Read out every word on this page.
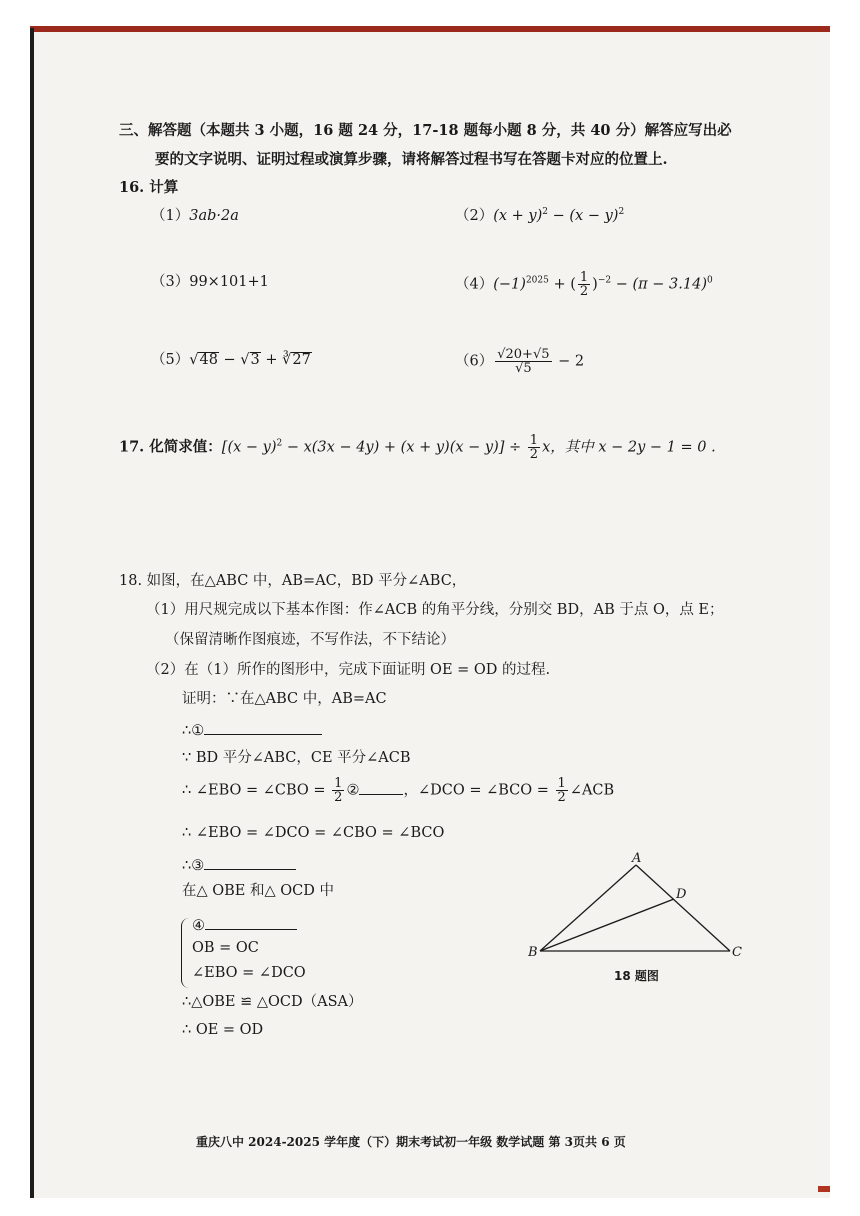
三、解答题（本题共 3 小题，16 题 24 分，17-18 题每小题 8 分，共 40 分）解答应写出必
要的文字说明、证明过程或演算步骤，请将解答过程书写在答题卡对应的位置上.
16. 计算
（1）3ab·2a	$(2)(x + y)^2 - (x - y)^2$
（3）99×101+1	$(4)(-1)^{2025}$ + ( $\frac{1}{2} )^{-2} - (\pi - 3.14)^0$
（5）√48 − √3 + ∛27	$(6) \frac{√20+√5}{√5} - 2$
17. 化简求值：$[(x - y)^2 - x(3x - 4y) + (x + y)(x - y)] \div \frac{1}{2}$ x，其中 x − 2y − 1 = 0 .
18. 如图，在△ABC 中，AB=AC，BD 平分∠ABC，
（1）用尺规完成以下基本作图：作∠ACB 的角平分线，分别交 BD，AB 于点 O，点 E；
（保留清晰作图痕迹，不写作法，不下结论）
（2）在（1）所作的图形中，完成下面证明 OE = OD 的过程.
证明：∵在△ABC 中，AB=AC
∴①
∵ BD 平分∠ABC，CE 平分∠ACB
∴ ∠EBO = ∠CBO = $\frac{1}{2}$ ②	，∠DCO = ∠BCO = $\frac{1}{2}$ ∠ACB
∴ ∠EBO = ∠DCO = ∠CBO = ∠BCO
∴③
在△ OBE 和△ OCD 中
④
OB = OC
∠EBO = ∠DCO
∴△OBE ≌ △OCD（ASA）
∴ OE = OD
A
D
B	C
18 题图
重庆八中 2024-2025 学年度（下）期末考试初一年级 数学试题 第 3页共 6 页
